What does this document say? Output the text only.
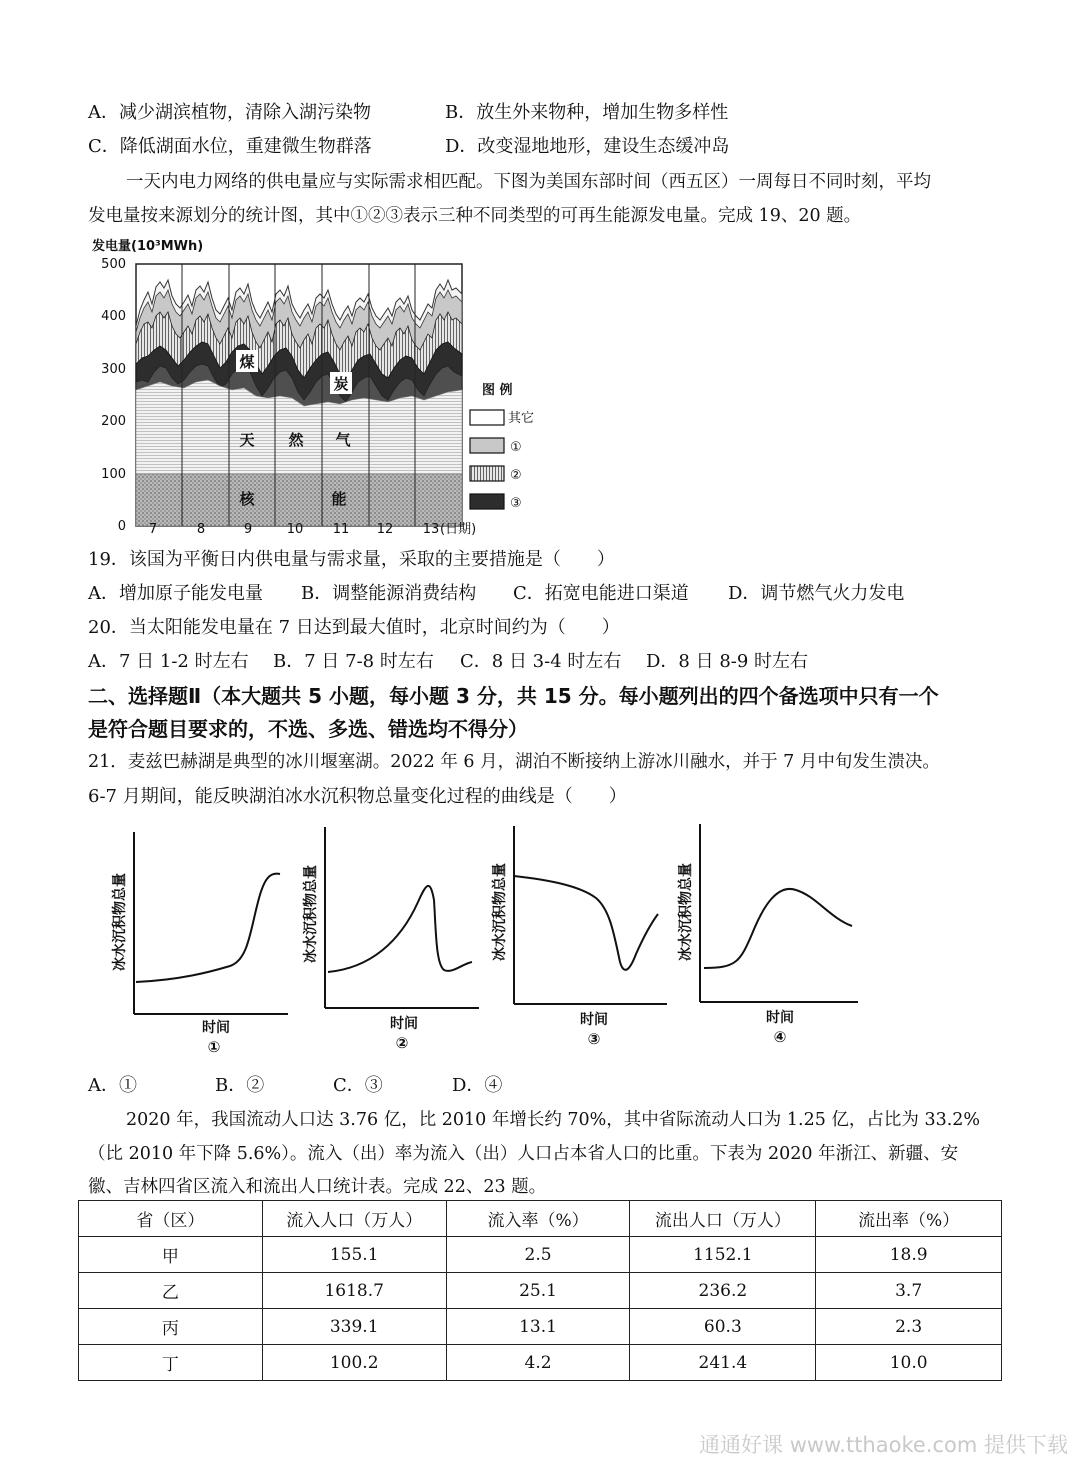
A．减少湖滨植物，清除入湖污染物	B．放生外来物种，增加生物多样性
C．降低湖面水位，重建微生物群落	D．改变湿地地形，建设生态缓冲岛
一天内电力网络的供电量应与实际需求相匹配。下图为美国东部时间（西五区）一周每日不同时刻，平均
发电量按来源划分的统计图，其中①②③表示三种不同类型的可再生能源发电量。完成 19、20 题。
发电量(10³MWh)
0
100
200
300
400
500
7	8	9	10 11 12 13 (日期)
煤
炭
天 然 气
核	能
图 例
其它
①
②
③
19．该国为平衡日内供电量与需求量，采取的主要措施是（　　）
A．增加原子能发电量 B．调整能源消费结构 C．拓宽电能进口渠道 D．调节燃气火力发电
20．当太阳能发电量在 7 日达到最大值时，北京时间约为（　　）
A．7 日 1-2 时左右 B．7 日 7-8 时左右 C．8 日 3-4 时左右 D．8 日 8-9 时左右
二、选择题Ⅱ（本大题共 5 小题，每小题 3 分，共 15 分。每小题列出的四个备选项中只有一个
是符合题目要求的，不选、多选、错选均不得分）
21．麦兹巴赫湖是典型的冰川堰塞湖。2022 年 6 月，湖泊不断接纳上游冰川融水，并于 7 月中旬发生溃决。
6-7 月期间，能反映湖泊冰水沉积物总量变化过程的曲线是（　　）
冰水沉积物总量	冰水沉积物总量	冰水沉积物总量	冰水沉积物总量
时间	时间	时间	时间
①	②	③	④
A．①	B．②	C．③	D．④
2020 年，我国流动人口达 3.76 亿，比 2010 年增长约 70%，其中省际流动人口为 1.25 亿，占比为 33.2%
（比 2010 年下降 5.6%）。流入（出）率为流入（出）人口占本省人口的比重。下表为 2020 年浙江、新疆、安
徽、吉林四省区流入和流出人口统计表。完成 22、23 题。
省（区）	流入人口（万人）	流入率（%）	流出人口（万人）	流出率（%）
甲	155.1	2.5	1152.1	18.9
乙	1618.7	25.1	236.2	3.7
丙	339.1	13.1	60.3	2.3
丁	100.2	4.2	241.4	10.0
通通好课 www.tthaoke.com 提供下载
